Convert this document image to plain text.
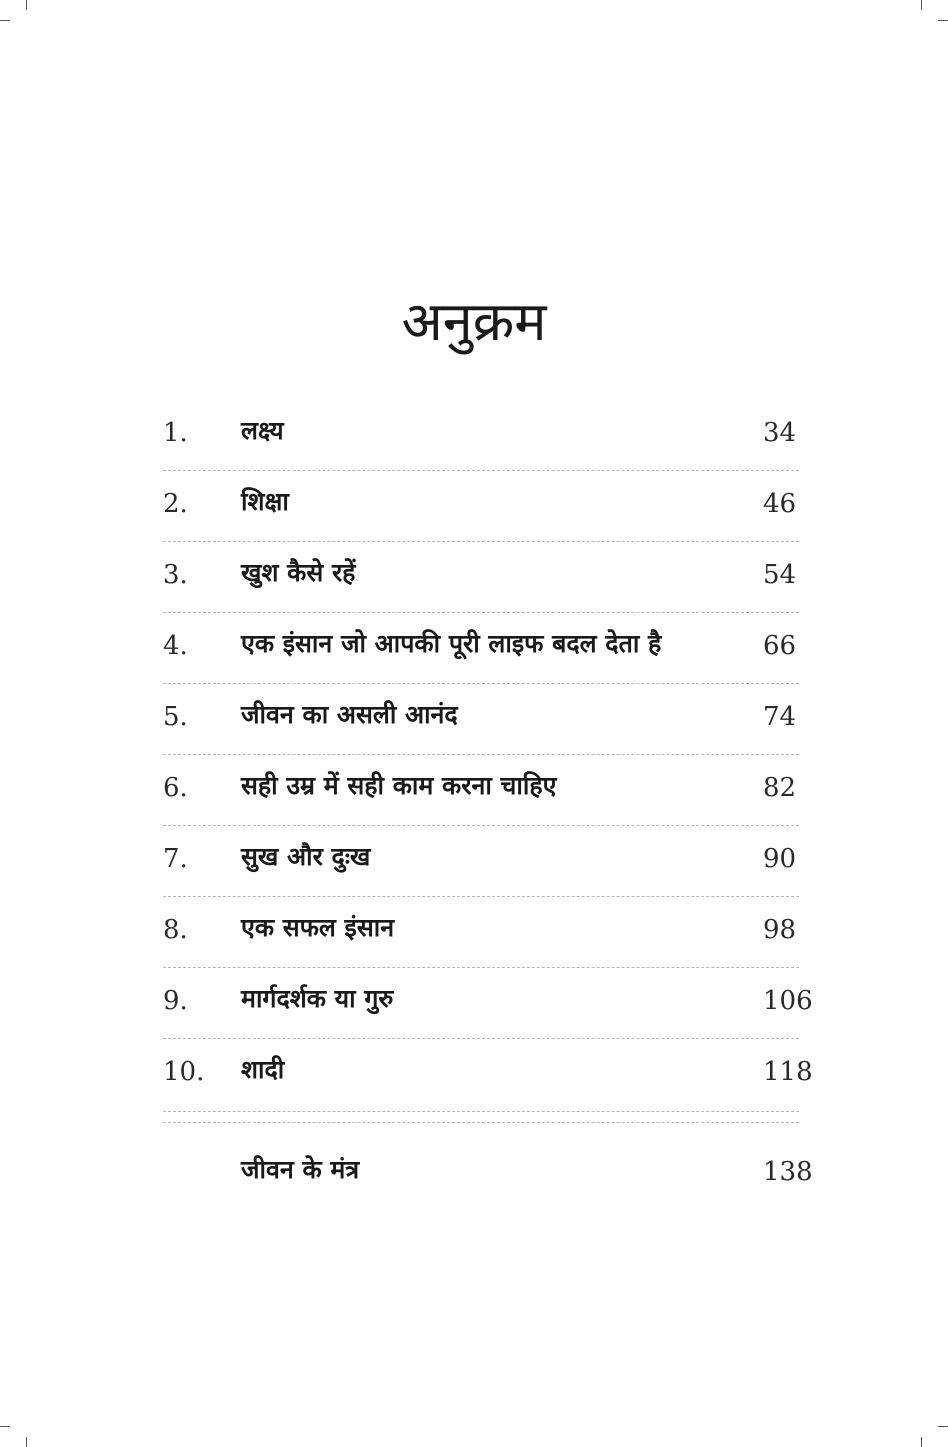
अनुक्रम
1. लक्ष्य	34
2. शिक्षा	46
3. खुश कैसे रहें	54
4. एक इंसान जो आपकी पूरी लाइफ बदल देता है	66
5. जीवन का असली आनंद	74
6. सही उम्र में सही काम करना चाहिए	82
7. सुख और दुःख	90
8. एक सफल इंसान	98
9. मार्गदर्शक या गुरु	106
10. शादी	118
जीवन के मंत्र	138
